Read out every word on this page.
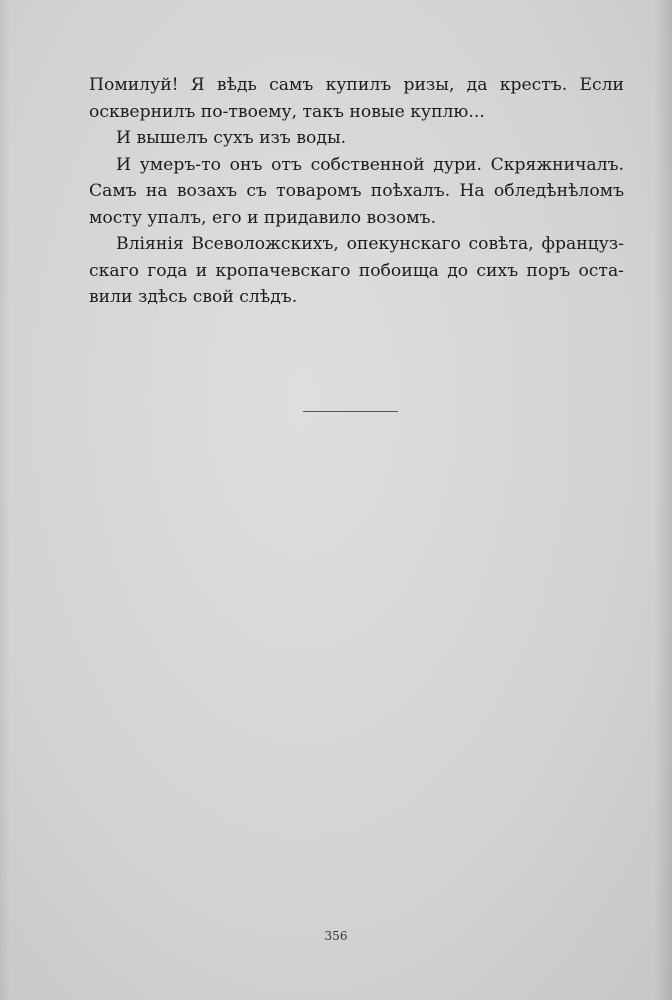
Помилуй! Я вѣдь самъ купилъ ризы, да крестъ. Если
осквернилъ по-твоему, такъ новые куплю...
И вышелъ сухъ изъ воды.
И умеръ-то онъ отъ собственной дури. Скряжничалъ.
Самъ на возахъ съ товаромъ поѣхалъ. На обледѣнѣломъ
мосту упалъ, его и придавило возомъ.
Вліянія Всеволожскихъ, опекунскаго совѣта, француз-
скаго года и кропачевскаго побоища до сихъ поръ оста-
вили здѣсь свой слѣдъ.
356
